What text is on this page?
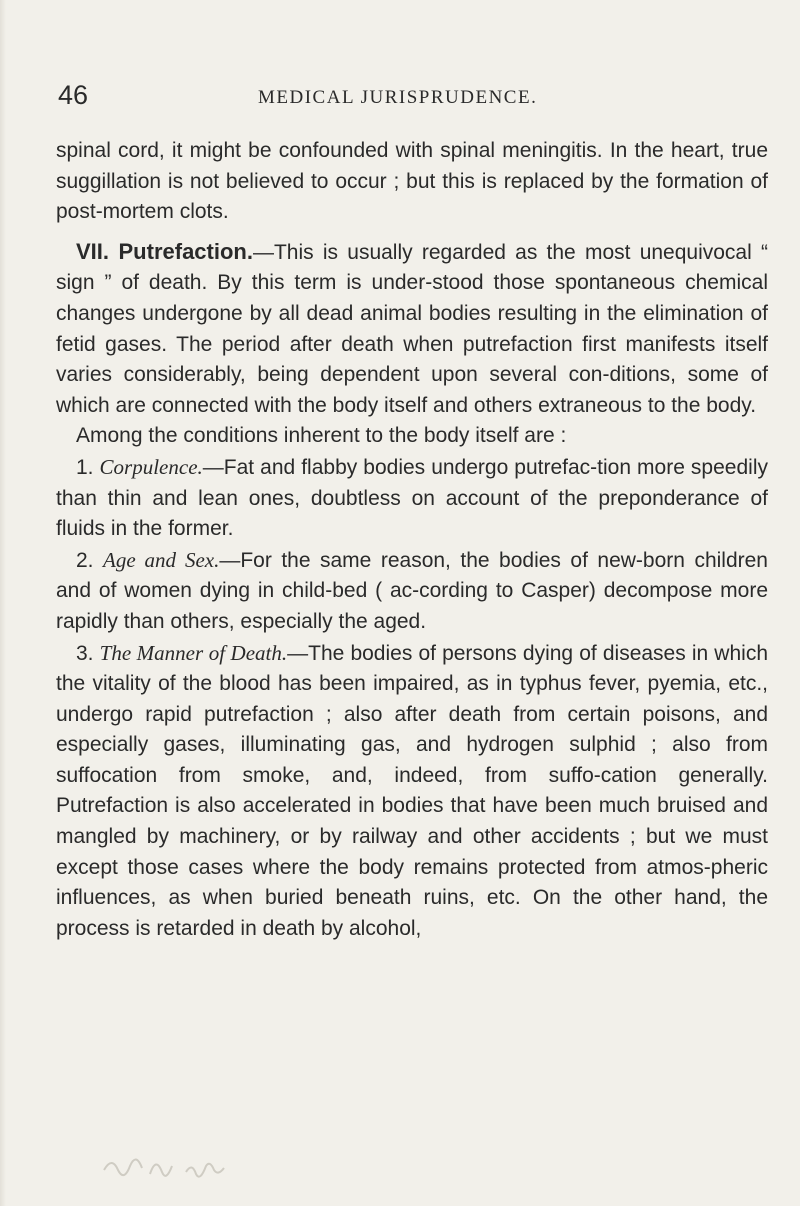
46	MEDICAL JURISPRUDENCE.

spinal cord, it might be confounded with spinal meningitis. In the heart, true suggillation is not believed to occur ; but this is replaced by the formation of post-mortem clots.

VII. Putrefaction.—This is usually regarded as the most unequivocal “ sign ” of death. By this term is under-stood those spontaneous chemical changes undergone by all dead animal bodies resulting in the elimination of fetid gases. The period after death when putrefaction first manifests itself varies considerably, being dependent upon several con-ditions, some of which are connected with the body itself and others extraneous to the body.

Among the conditions inherent to the body itself are :

1. Corpulence.—Fat and flabby bodies undergo putrefac-tion more speedily than thin and lean ones, doubtless on account of the preponderance of fluids in the former.

2. Age and Sex.—For the same reason, the bodies of new-born children and of women dying in child-bed ( ac-cording to Casper) decompose more rapidly than others, especially the aged.

3. The Manner of Death.—The bodies of persons dying of diseases in which the vitality of the blood has been impaired, as in typhus fever, pyemia, etc., undergo rapid putrefaction ; also after death from certain poisons, and especially gases, illuminating gas, and hydrogen sulphid ; also from suffocation from smoke, and, indeed, from suffo-cation generally. Putrefaction is also accelerated in bodies that have been much bruised and mangled by machinery, or by railway and other accidents ; but we must except those cases where the body remains protected from atmos-pheric influences, as when buried beneath ruins, etc. On the other hand, the process is retarded in death by alcohol,
